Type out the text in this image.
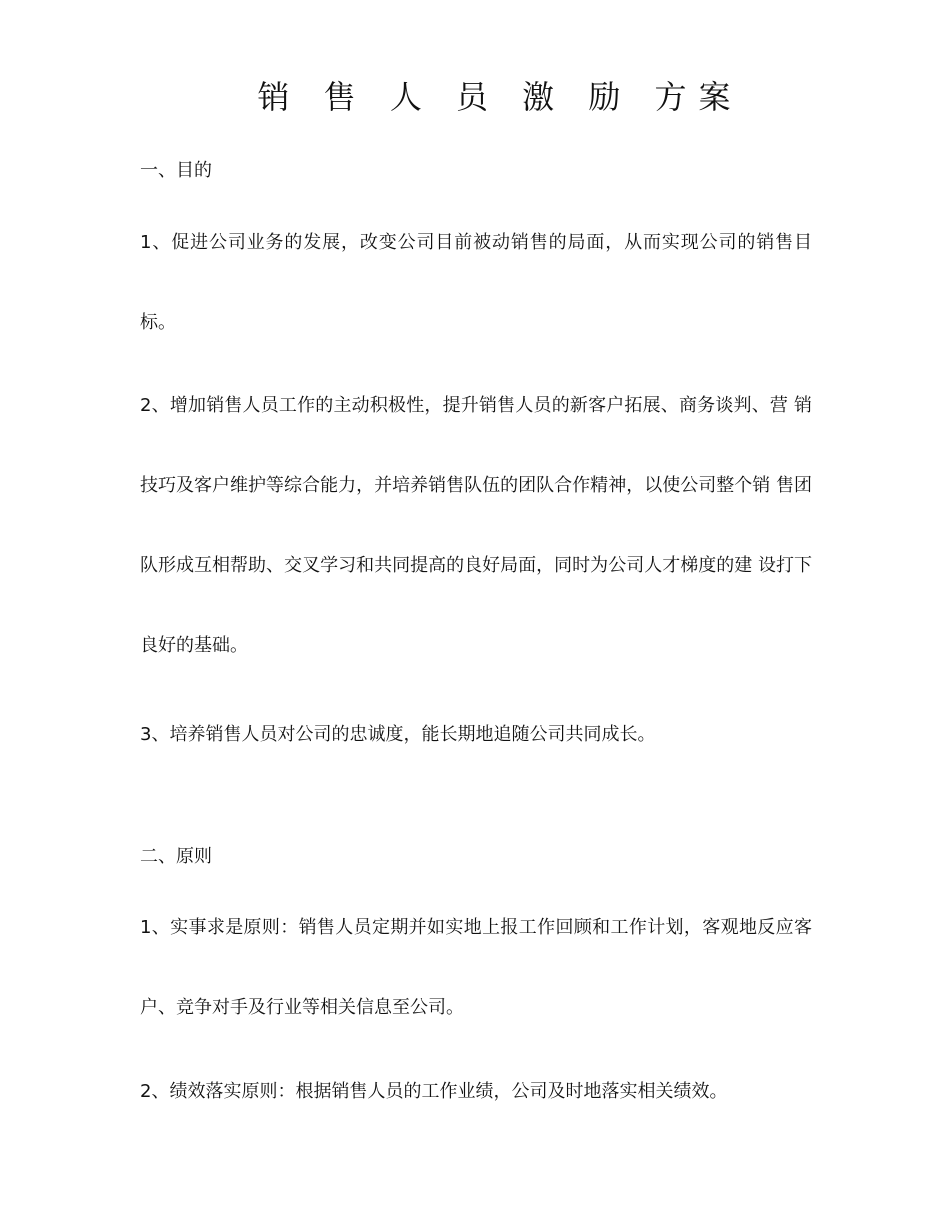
销 售 人 员 激 励 方案
一、目的
1、促进公司业务的发展，改变公司目前被动销售的局面，从而实现公司的销售目标。
2、增加销售人员工作的主动积极性，提升销售人员的新客户拓展、商务谈判、营 销技巧及客户维护等综合能力，并培养销售队伍的团队合作精神，以使公司整个销 售团队形成互相帮助、交叉学习和共同提高的良好局面，同时为公司人才梯度的建 设打下良好的基础。
3、培养销售人员对公司的忠诚度，能长期地追随公司共同成长。
二、原则
1、实事求是原则：销售人员定期并如实地上报工作回顾和工作计划，客观地反应客户、竞争对手及行业等相关信息至公司。
2、绩效落实原则：根据销售人员的工作业绩，公司及时地落实相关绩效。
